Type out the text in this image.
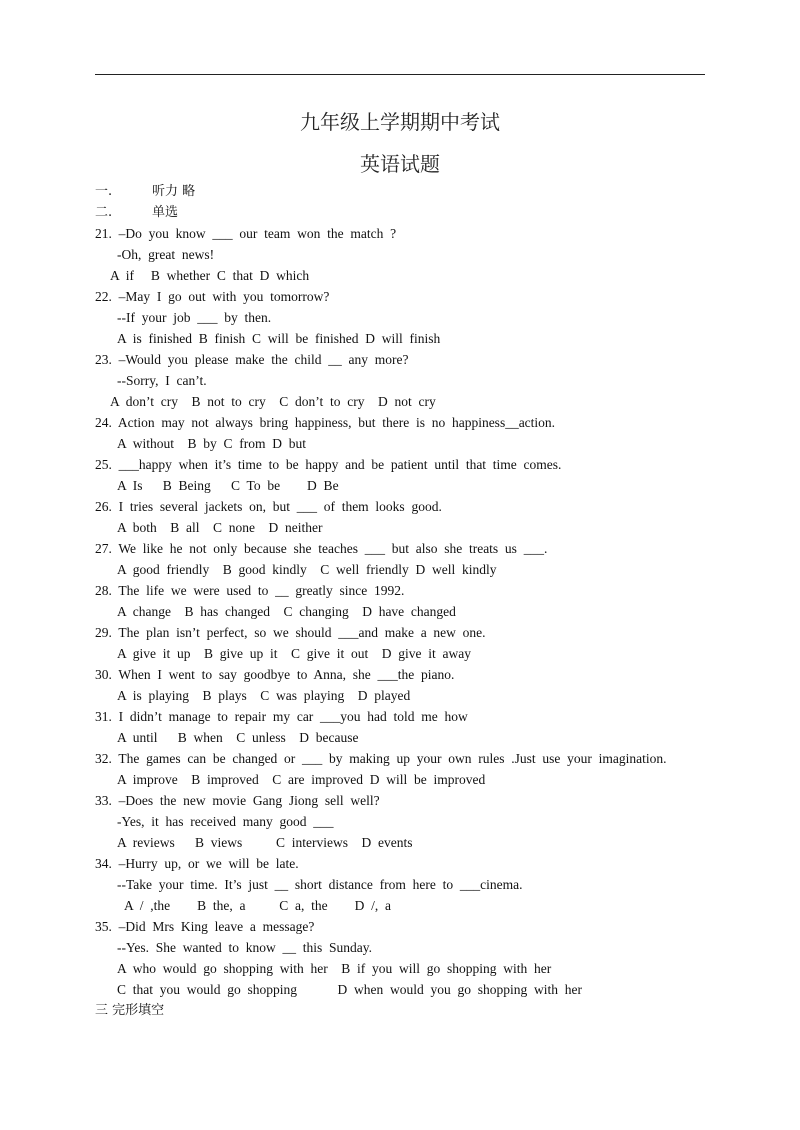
九年级上学期期中考试
英语试题
一.	听力 略
二.	单选
21.  –Do  you  know  ___  our  team  won  the  match  ?
-Oh,  great  news!
A  if     B  whether  C  that  D  which
22.  –May  I  go  out  with  you  tomorrow?
--If  your  job  ___  by  then.
A  is  finished  B  finish  C  will  be  finished  D  will  finish
23.  –Would  you  please  make  the  child  __  any  more?
--Sorry,  I  can’t.
A  don’t  cry    B  not  to  cry    C  don’t  to  cry    D  not  cry
24.  Action  may  not  always  bring  happiness,  but  there  is  no  happiness__action.
A  without    B  by  C  from  D  but
25.  ___happy  when  it’s  time  to  be  happy  and  be  patient  until  that  time  comes.
A  Is      B  Being      C  To  be        D  Be
26.  I  tries  several  jackets  on,  but  ___  of  them  looks  good.
A  both    B  all    C  none    D  neither
27.  We  like  he  not  only  because  she  teaches  ___  but  also  she  treats  us  ___.
A  good  friendly    B  good  kindly    C  well  friendly  D  well  kindly
28.  The  life  we  were  used  to  __  greatly  since  1992.
A  change    B  has  changed    C  changing    D  have  changed
29.  The  plan  isn’t  perfect,  so  we  should  ___and  make  a  new  one.
A  give  it  up    B  give  up  it    C  give  it  out    D  give  it  away
30.  When  I  went  to  say  goodbye  to  Anna,  she  ___the  piano.
A  is  playing    B  plays    C  was  playing    D  played
31.  I  didn’t  manage  to  repair  my  car  ___you  had  told  me  how
A  until      B  when    C  unless    D  because
32.  The  games  can  be  changed  or  ___  by  making  up  your  own  rules  .Just  use  your  imagination.
A  improve    B  improved    C  are  improved  D  will  be  improved
33.  –Does  the  new  movie  Gang  Jiong  sell  well?
-Yes,  it  has  received  many  good  ___
A  reviews      B  views          C  interviews    D  events
34.  –Hurry  up,  or  we  will  be  late.
--Take  your  time.  It’s  just  __  short  distance  from  here  to  ___cinema.
A  /  ,the        B  the,  a          C  a,  the        D  /,  a
35.  –Did  Mrs  King  leave  a  message?
--Yes.  She  wanted  to  know  __  this  Sunday.
A  who  would  go  shopping  with  her    B  if  you  will  go  shopping  with  her
C  that  you  would  go  shopping            D  when  would  you  go  shopping  with  her
三 完形填空
